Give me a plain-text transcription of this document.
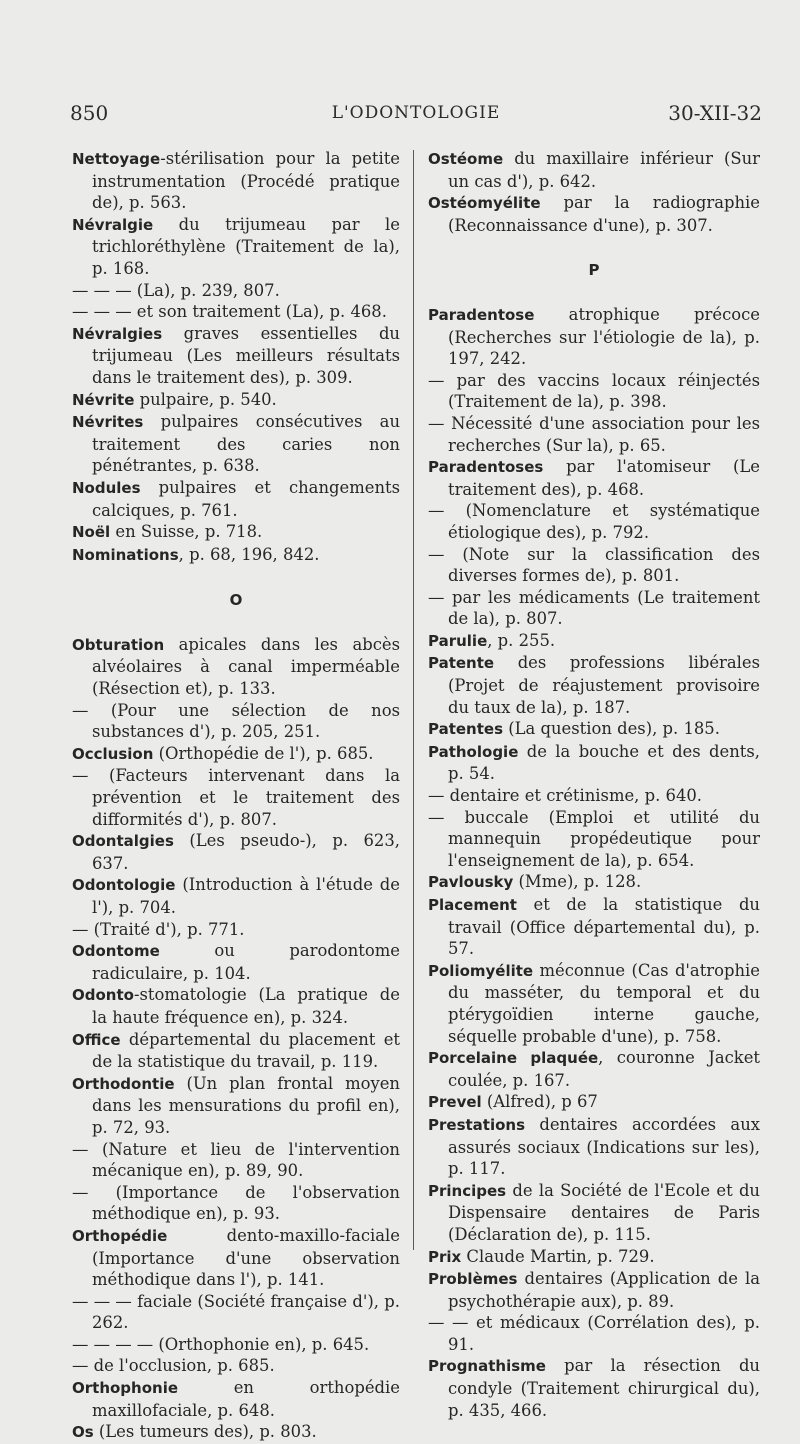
850	L'ODONTOLOGIE	30-XII-32
Nettoyage-stérilisation pour la petite instrumentation (Procédé pratique de), p. 563.
Névralgie du trijumeau par le trichloréthylène (Traitement de la), p. 168.
— — — (La), p. 239, 807.
— — — et son traitement (La), p. 468.
Névralgies graves essentielles du trijumeau (Les meilleurs résultats dans le traitement des), p. 309.
Névrite pulpaire, p. 540.
Névrites pulpaires consécutives au traitement des caries non pénétrantes, p. 638.
Nodules pulpaires et changements calciques, p. 761.
Noël en Suisse, p. 718.
Nominations, p. 68, 196, 842.
O
Obturation apicales dans les abcès alvéolaires à canal imperméable (Résection et), p. 133.
— (Pour une sélection de nos substances d'), p. 205, 251.
Occlusion (Orthopédie de l'), p. 685.
— (Facteurs intervenant dans la prévention et le traitement des difformités d'), p. 807.
Odontalgies (Les pseudo-), p. 623, 637.
Odontologie (Introduction à l'étude de l'), p. 704.
— (Traité d'), p. 771.
Odontome ou parodontome radiculaire, p. 104.
Odonto-stomatologie (La pratique de la haute fréquence en), p. 324.
Office départemental du placement et de la statistique du travail, p. 119.
Orthodontie (Un plan frontal moyen dans les mensurations du profil en), p. 72, 93.
— (Nature et lieu de l'intervention mécanique en), p. 89, 90.
— (Importance de l'observation méthodique en), p. 93.
Orthopédie dento-maxillo-faciale (Importance d'une observation méthodique dans l'), p. 141.
— — — faciale (Société française d'), p. 262.
— — — — (Orthophonie en), p. 645.
— de l'occlusion, p. 685.
Orthophonie en orthopédie maxillofaciale, p. 648.
Os (Les tumeurs des), p. 803.
Ostéome du maxillaire inférieur (Sur un cas d'), p. 642.
Ostéomyélite par la radiographie (Reconnaissance d'une), p. 307.
P
Paradentose atrophique précoce (Recherches sur l'étiologie de la), p. 197, 242.
— par des vaccins locaux réinjectés (Traitement de la), p. 398.
— Nécessité d'une association pour les recherches (Sur la), p. 65.
Paradentoses par l'atomiseur (Le traitement des), p. 468.
— (Nomenclature et systématique étiologique des), p. 792.
— (Note sur la classification des diverses formes de), p. 801.
— par les médicaments (Le traitement de la), p. 807.
Parulie, p. 255.
Patente des professions libérales (Projet de réajustement provisoire du taux de la), p. 187.
Patentes (La question des), p. 185.
Pathologie de la bouche et des dents, p. 54.
— dentaire et crétinisme, p. 640.
— buccale (Emploi et utilité du mannequin propédeutique pour l'enseignement de la), p. 654.
Pavlousky (Mme), p. 128.
Placement et de la statistique du travail (Office départemental du), p. 57.
Poliomyélite méconnue (Cas d'atrophie du masséter, du temporal et du ptérygoïdien interne gauche, séquelle probable d'une), p. 758.
Porcelaine plaquée, couronne Jacket coulée, p. 167.
Prevel (Alfred), p 67
Prestations dentaires accordées aux assurés sociaux (Indications sur les), p. 117.
Principes de la Société de l'Ecole et du Dispensaire dentaires de Paris (Déclaration de), p. 115.
Prix Claude Martin, p. 729.
Problèmes dentaires (Application de la psychothérapie aux), p. 89.
— — et médicaux (Corrélation des), p. 91.
Prognathisme par la résection du condyle (Traitement chirurgical du), p. 435, 466.
